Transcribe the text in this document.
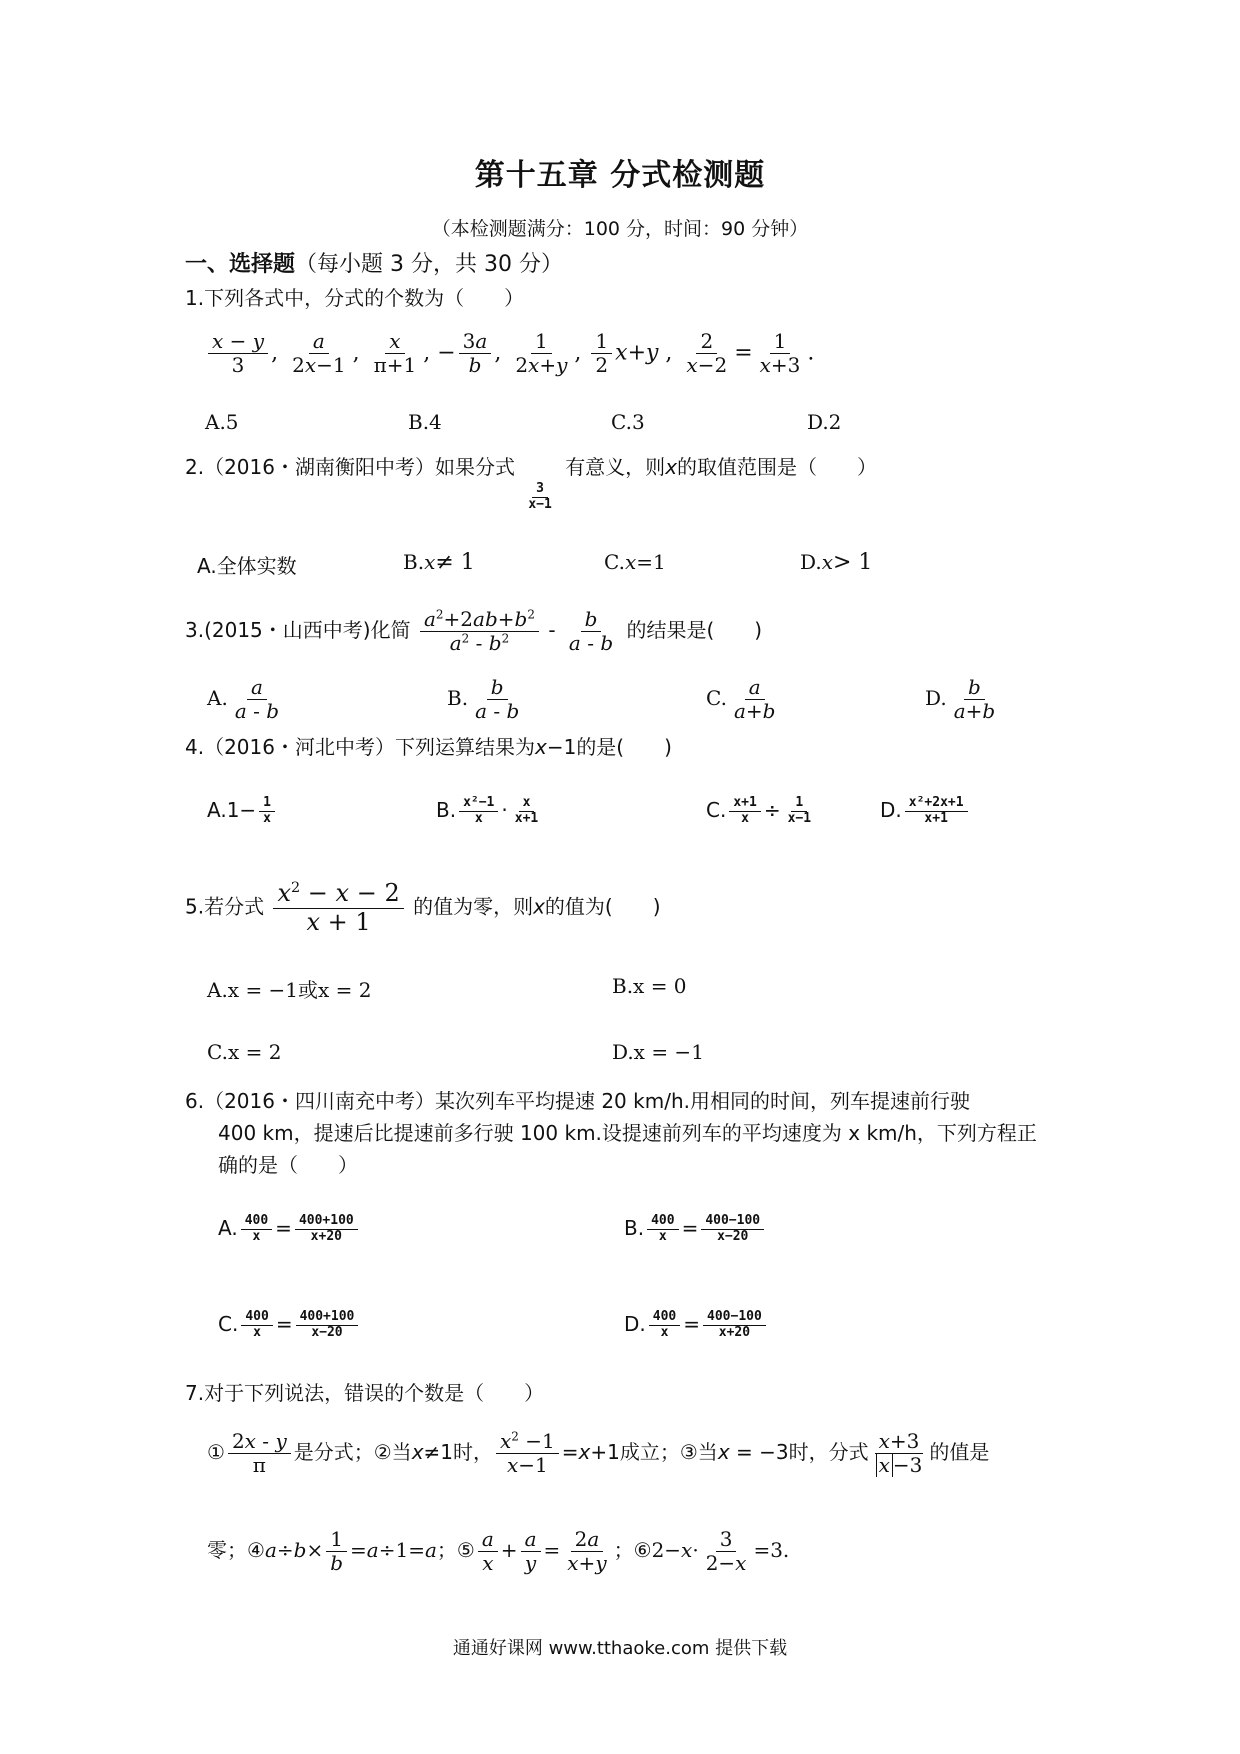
第十五章 分式检测题
（本检测题满分：100 分，时间：90 分钟）
一、选择题（每小题 3 分，共 30 分）
1.下列各式中，分式的个数为（　　）
$\frac{x - y}{3}$ , $\frac{a}{2x-1}$ , $\frac{x}{\pi+1}$ , − $\frac{3a}{b}$ , $\frac{1}{2x+y}$ , $\frac{1}{2} x+y$ , $\frac{2}{x-2} = \frac{1}{x+3}$ .
A.5	B.4	C.3	D.2
2.（2016・湖南衡阳中考）如果分式
$\frac{3}{x-1}$
有意义，则x的取值范围是（　　）
A.全体实数	B.x≠ 1	C.x=1	D.x> 1
3.(2015・山西中考)化简 $\frac{a^2+2ab+b^2}{a^2 - b^2} - \frac{b}{a - b}$ 的结果是(　　)
A. $\frac{a}{a - b}$	B. $\frac{b}{a - b}$	C. $\frac{a}{a+b}$	D. $\frac{b}{a+b}$
4.（2016・河北中考）下列运算结果为x−1的是(　　)
$A.1- \frac{1}{x}$	B. $\frac{\text{x²−1}}{x} \cdot \frac{x}{x+1}$	C. $\frac{x+1}{x} \div \frac{1}{x-1}$	D. $\frac{\text{x²+2x+1}}{x+1}$
5.若分式 $\frac{x^2 - x - 2}{x + 1}$ 的值为零，则x的值为(　　)
A.x = −1或x = 2	B.x = 0
C.x = 2	D.x = −1
6.（2016・四川南充中考）某次列车平均提速 20 km/h.用相同的时间，列车提速前行驶
400 km，提速后比提速前多行驶 100 km.设提速前列车的平均速度为 x km/h，下列方程正
确的是（　　）
A. $\frac{400}{x} = \frac{400+100}{x+20}$	B. $\frac{400}{x} = \frac{400-100}{x-20}$
C. $\frac{400}{x} = \frac{400+100}{x-20}$	D. $\frac{400}{x} = \frac{400-100}{x+20}$
7.对于下列说法，错误的个数是（　　）
① $\frac{2x - y}{\pi}$ 是分式；②当x≠1时， $\frac{x^2 -1}{x-1} =x+1$成立；③当x = −3时，分式 $\frac{x+3}{x -3}$ 的值是
零；④a÷b× $\frac{1}{b} =a\div 1=a$；⑤ $\frac{a}{x} + \frac{a}{y} = \frac{2a}{x+y}$ ；⑥2−x· $\frac{3}{2-x} =3$.
通通好课网 www.tthaoke.com 提供下载
